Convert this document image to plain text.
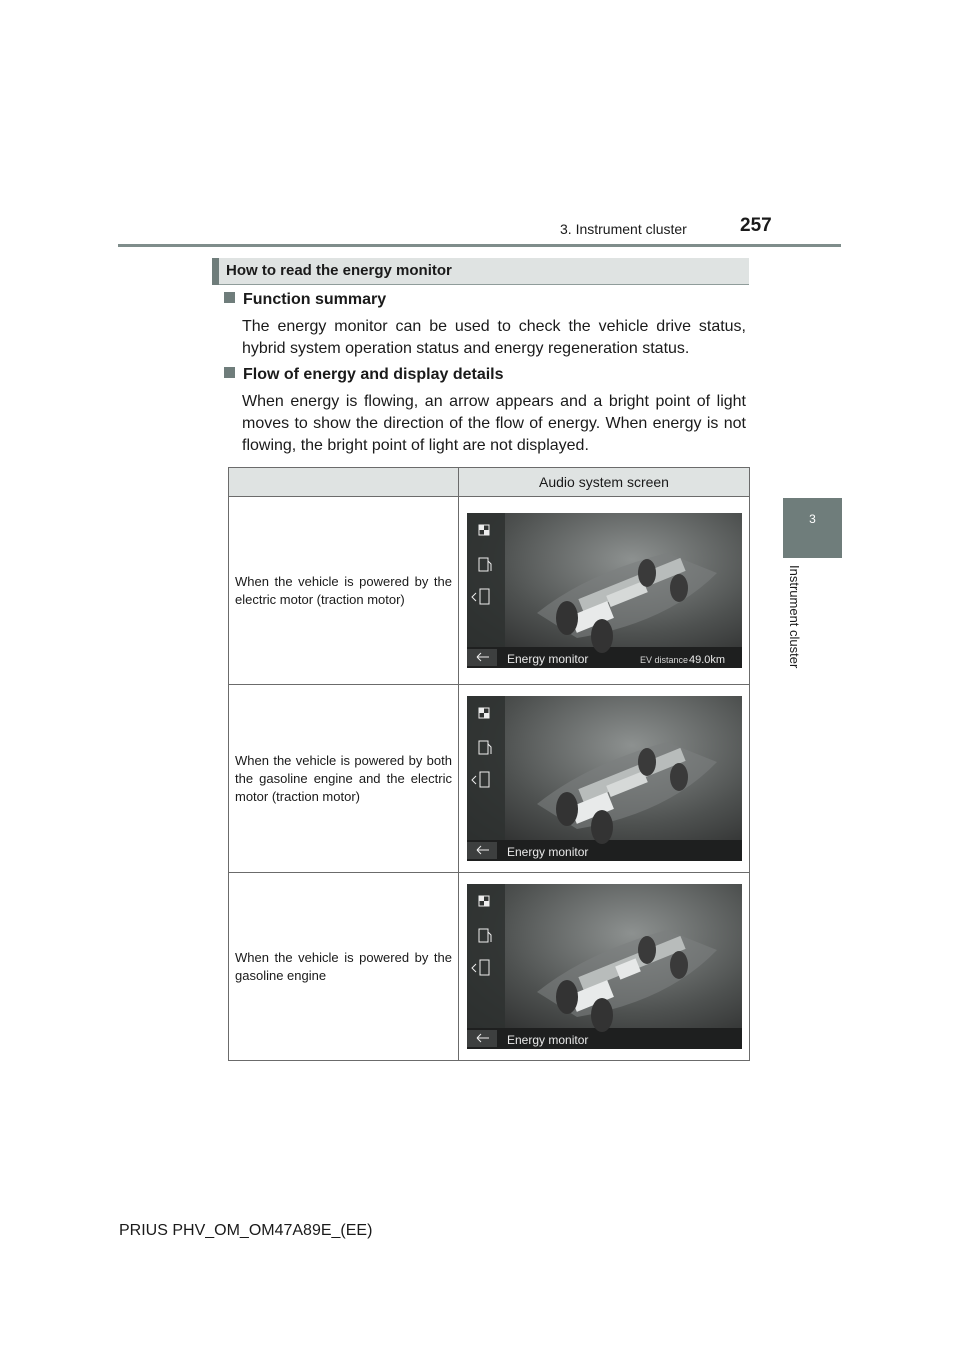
3. Instrument cluster	257
3
Instrument cluster
How to read the energy monitor
Function summary
The energy monitor can be used to check the vehicle drive status, hybrid system operation status and energy regeneration status.
Flow of energy and display details
When energy is flowing, an arrow appears and a bright point of light moves to show the direction of the flow of energy. When energy is not flowing, the bright point of light are not displayed.
	Audio system screen
When the vehicle is powered by the electric motor (traction motor)	Energy monitor EV distance 49.0km

When the vehicle is powered by both the gasoline engine and the electric motor (traction motor)	Energy monitor

When the vehicle is powered by the gasoline engine	Energy monitor
PRIUS PHV_OM_OM47A89E_(EE)
